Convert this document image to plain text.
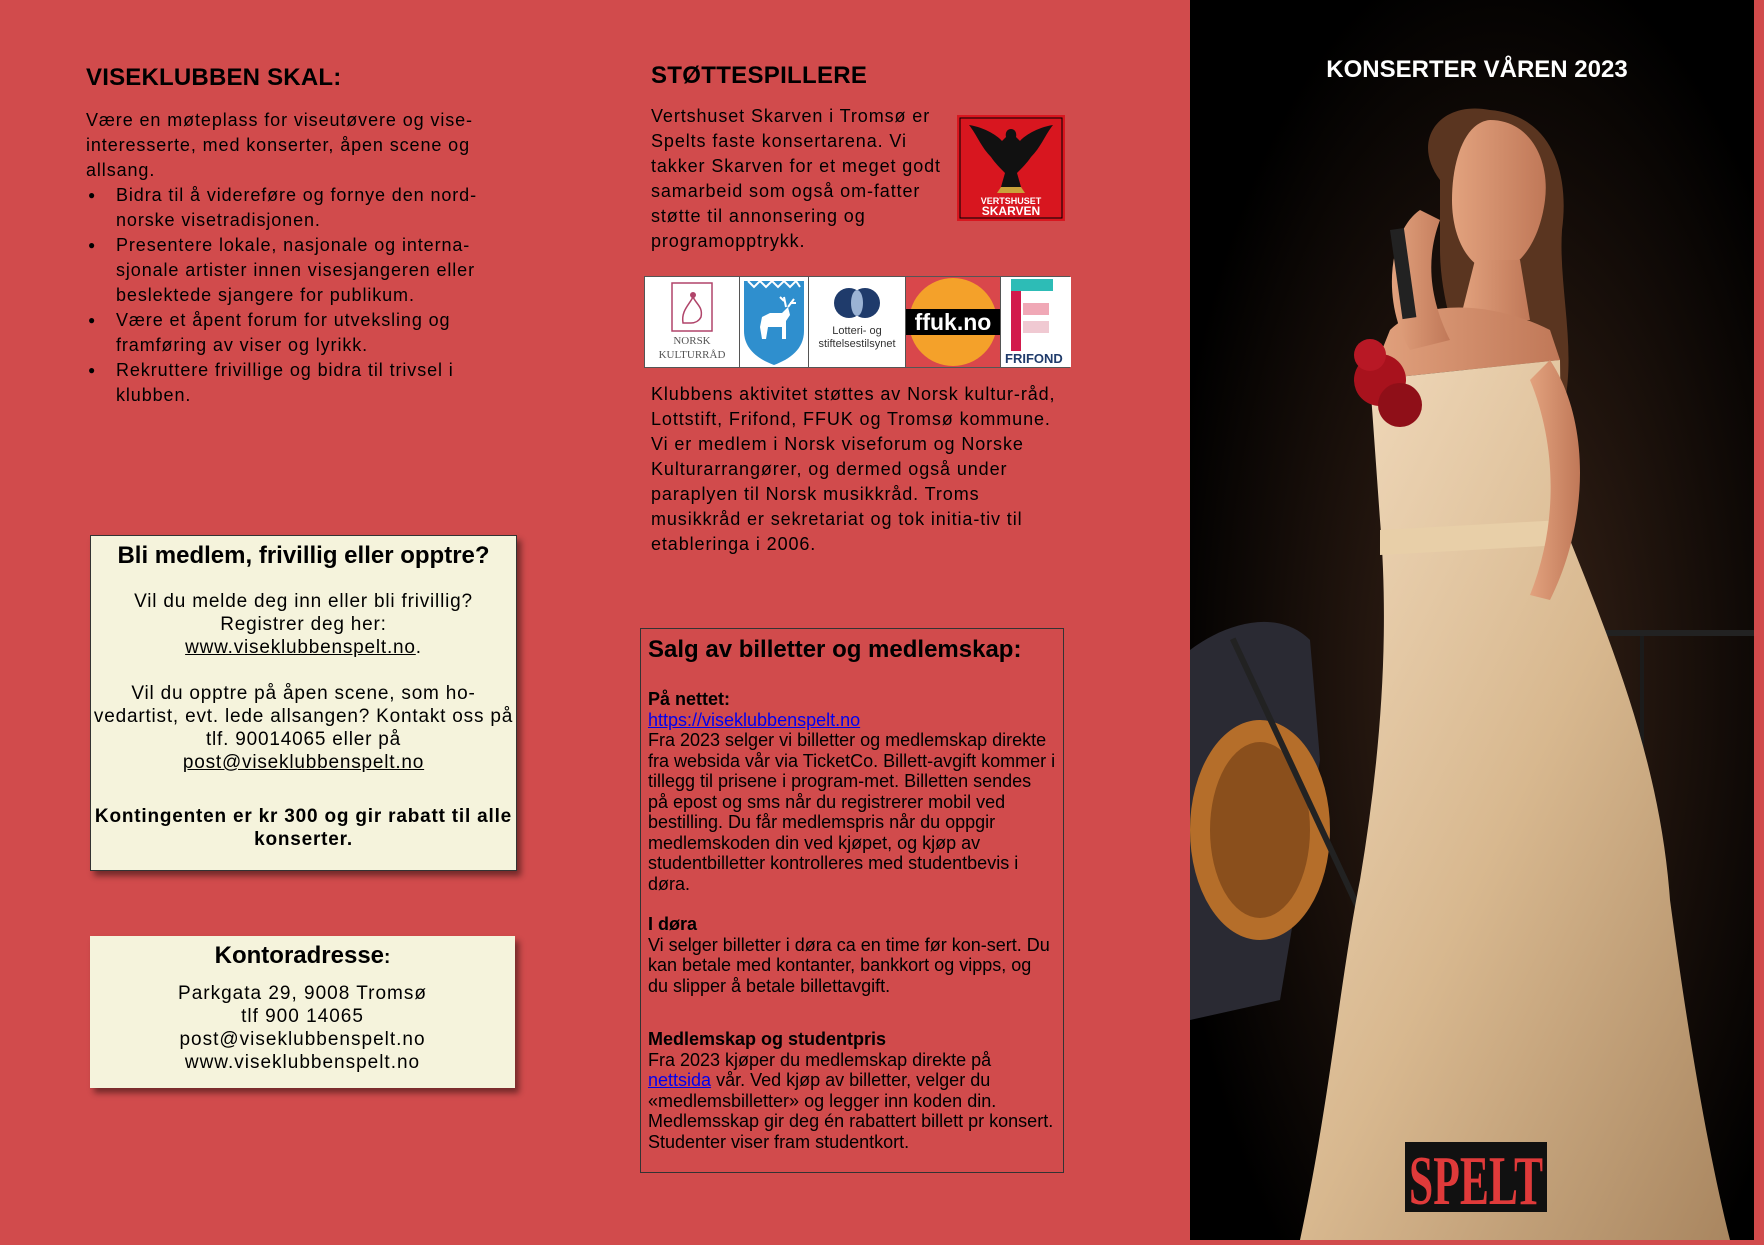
VISEKLUBBEN SKAL:
Være en møteplass for viseutøvere og vise-interesserte, med konserter, åpen scene og allsang.
● Bidra til å videreføre og fornye den nord-norske visetradisjonen.
● Presentere lokale, nasjonale og interna-sjonale artister innen visesjangeren eller beslektede sjangere for publikum.
● Være et åpent forum for utveksling og framføring av viser og lyrikk.
● Rekruttere frivillige og bidra til trivsel i klubben.
Bli medlem, frivillig eller opptre?

Vil du melde deg inn eller bli frivillig? Registrer deg her:
www.viseklubbenspelt.no.

Vil du opptre på åpen scene, som ho-vedartist, evt. lede allsangen? Kontakt oss på tlf. 90014065 eller på
post@viseklubbenspelt.no

Kontingenten er kr 300 og gir rabatt til alle konserter.

Kontoradresse:
Parkgata 29, 9008 Tromsø
tlf 900 14065
post@viseklubbenspelt.no
www.viseklubbenspelt.no
STØTTESPILLERE
Vertshuset Skarven i Tromsø er Spelts faste konsertarena. Vi takker Skarven for et meget godt samarbeid som også om-fatter støtte til annonsering og programopptrykk.
VERTSHUSET
SKARVEN
NORSK
KULTURRÅD
Lotteri- og
stiftelsestilsynet
ffuk.no
FRIFOND
Klubbens aktivitet støttes av Norsk kultur-råd, Lottstift, Frifond, FFUK og Tromsø kommune. Vi er medlem i Norsk viseforum og Norske Kulturarrangører, og dermed også under paraplyen til Norsk musikkråd. Troms musikkråd er sekretariat og tok initia-tiv til etableringa i 2006.
Salg av billetter og medlemskap:
På nettet:
https://viseklubbenspelt.no
Fra 2023 selger vi billetter og medlemskap direkte fra websida vår via TicketCo. Billett-avgift kommer i tillegg til prisene i program-met. Billetten sendes på epost og sms når du registrerer mobil ved bestilling. Du får medlemspris når du oppgir medlemskoden din ved kjøpet, og kjøp av studentbilletter kontrolleres med studentbevis i døra.
I døra
Vi selger billetter i døra ca en time før kon-sert. Du kan betale med kontanter, bankkort og vipps, og du slipper å betale billettavgift.
Medlemskap og studentpris
Fra 2023 kjøper du medlemskap direkte på nettsida vår. Ved kjøp av billetter, velger du «medlemsbilletter» og legger inn koden din. Medlemsskap gir deg én rabattert billett pr konsert. Studenter viser fram studentkort.
KONSERTER VÅREN 2023
SPELT
